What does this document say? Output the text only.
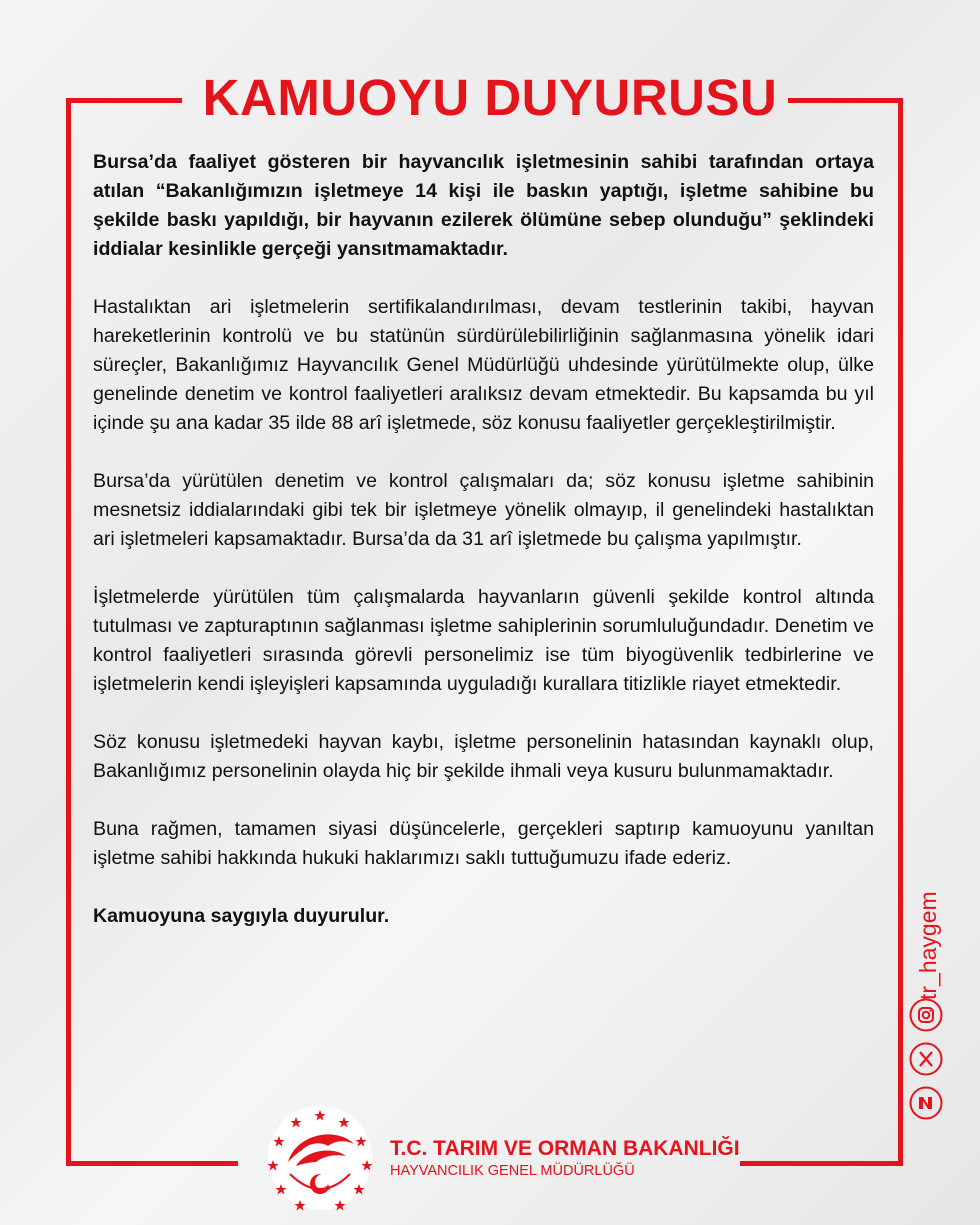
KAMUOYU DUYURUSU

Bursa’da faaliyet gösteren bir hayvancılık işletmesinin sahibi tarafından ortaya atılan “Bakanlığımızın işletmeye 14 kişi ile baskın yaptığı, işletme sahibine bu şekilde baskı yapıldığı, bir hayvanın ezilerek ölümüne sebep olunduğu” şeklindeki iddialar kesinlikle gerçeği yansıtmamaktadır.

Hastalıktan ari işletmelerin sertifikalandırılması, devam testlerinin takibi, hayvan hareketlerinin kontrolü ve bu statünün sürdürülebilirliğinin sağlanmasına yönelik idari süreçler, Bakanlığımız Hayvancılık Genel Müdürlüğü uhdesinde yürütülmekte olup, ülke genelinde denetim ve kontrol faaliyetleri aralıksız devam etmektedir. Bu kapsamda bu yıl içinde şu ana kadar 35 ilde 88 arî işletmede, söz konusu faaliyetler gerçekleştirilmiştir.

Bursa’da yürütülen denetim ve kontrol çalışmaları da; söz konusu işletme sahibinin mesnetsiz iddialarındaki gibi tek bir işletmeye yönelik olmayıp, il genelindeki hastalıktan ari işletmeleri kapsamaktadır. Bursa’da da 31 arî işletmede bu çalışma yapılmıştır.

İşletmelerde yürütülen tüm çalışmalarda hayvanların güvenli şekilde kontrol altında tutulması ve zapturaptının sağlanması işletme sahiplerinin sorumluluğundadır. Denetim ve kontrol faaliyetleri sırasında görevli personelimiz ise tüm biyogüvenlik tedbirlerine ve işletmelerin kendi işleyişleri kapsamında uyguladığı kurallara titizlikle riayet etmektedir.

Söz konusu işletmedeki hayvan kaybı, işletme personelinin hatasından kaynaklı olup, Bakanlığımız personelinin olayda hiç bir şekilde ihmali veya kusuru bulunmamaktadır.

Buna rağmen, tamamen siyasi düşüncelerle, gerçekleri saptırıp kamuoyunu yanıltan işletme sahibi hakkında hukuki haklarımızı saklı tuttuğumuzu ifade ederiz.

Kamuoyuna saygıyla duyurulur.

T.C. TARIM VE ORMAN BAKANLIĞI
HAYVANCILIK GENEL MÜDÜRLÜĞÜ
tr_haygem
